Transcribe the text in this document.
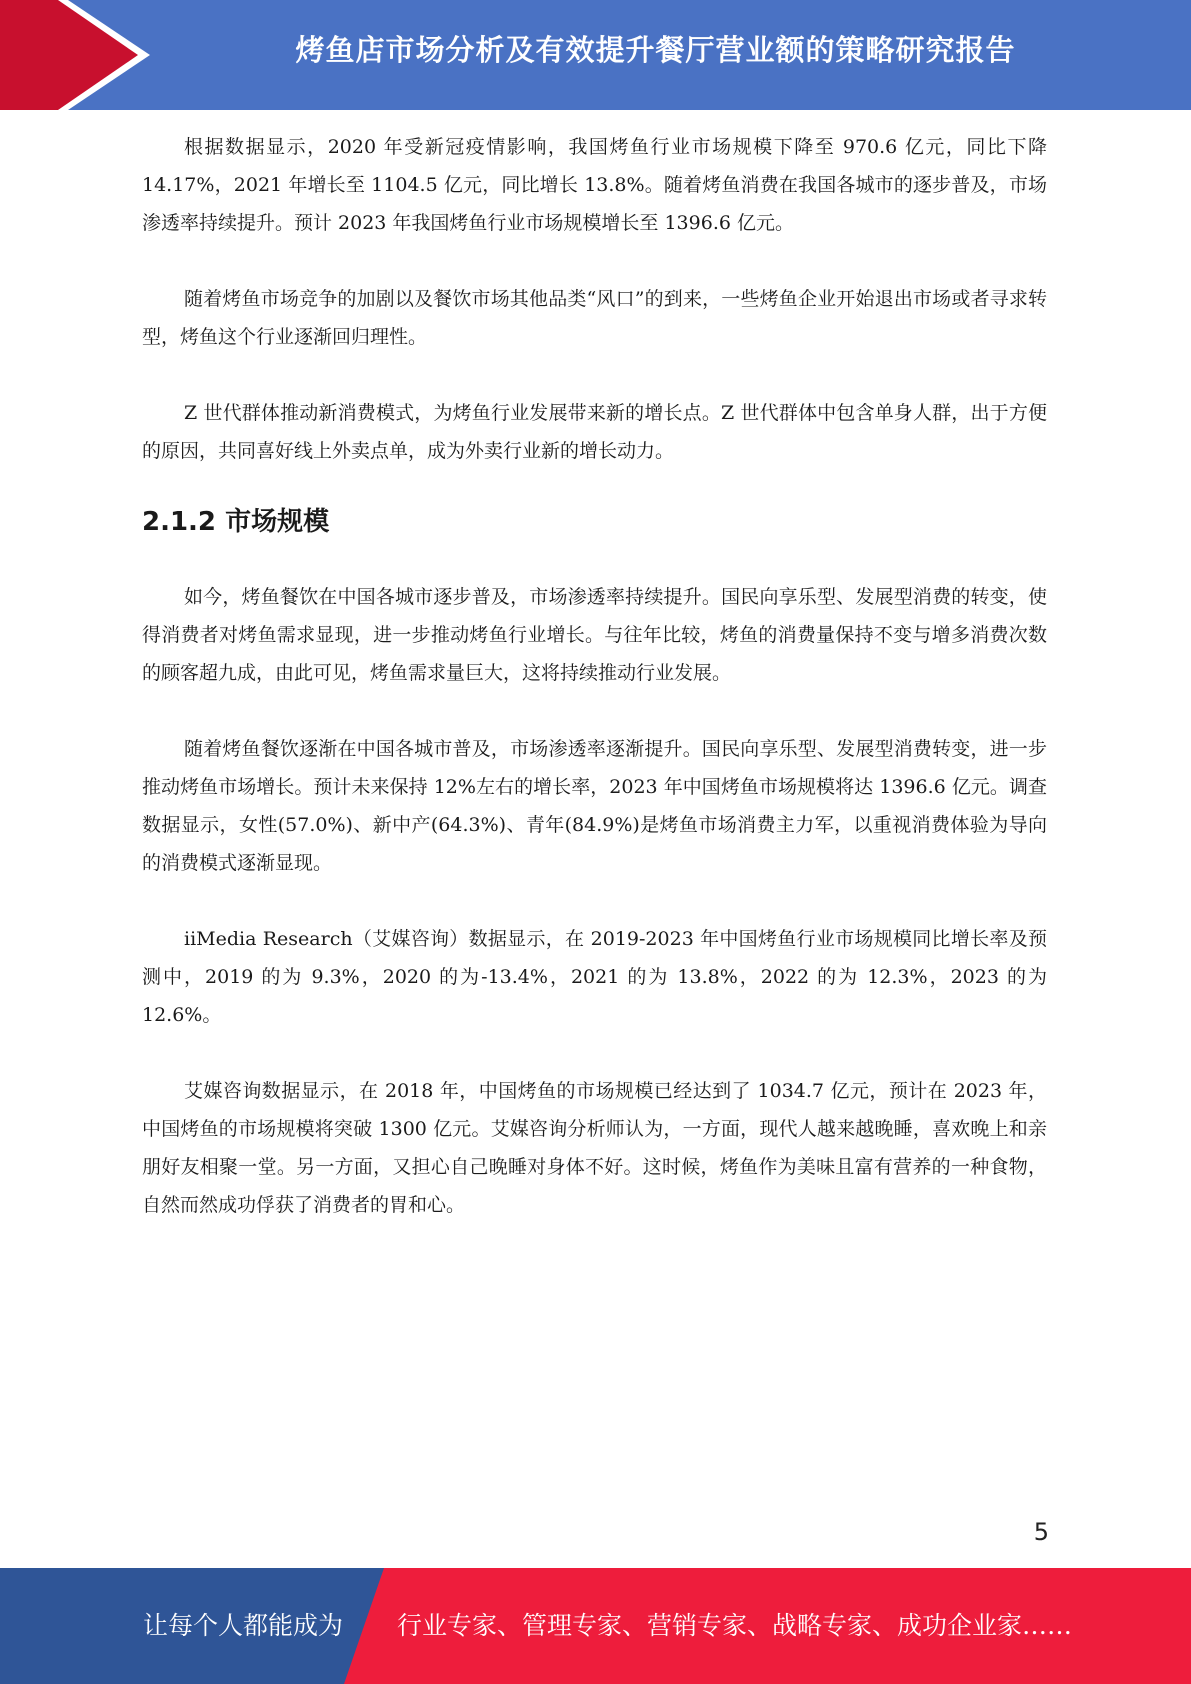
烤鱼店市场分析及有效提升餐厅营业额的策略研究报告

根据数据显示，2020 年受新冠疫情影响，我国烤鱼行业市场规模下降至 970.6 亿元，同比下降 14.17%，2021 年增长至 1104.5 亿元，同比增长 13.8%。随着烤鱼消费在我国各城市的逐步普及，市场渗透率持续提升。预计 2023 年我国烤鱼行业市场规模增长至 1396.6 亿元。

随着烤鱼市场竞争的加剧以及餐饮市场其他品类“风口”的到来，一些烤鱼企业开始退出市场或者寻求转型，烤鱼这个行业逐渐回归理性。

Z 世代群体推动新消费模式，为烤鱼行业发展带来新的增长点。Z 世代群体中包含单身人群，出于方便的原因，共同喜好线上外卖点单，成为外卖行业新的增长动力。

2.1.2 市场规模

如今，烤鱼餐饮在中国各城市逐步普及，市场渗透率持续提升。国民向享乐型、发展型消费的转变，使得消费者对烤鱼需求显现，进一步推动烤鱼行业增长。与往年比较，烤鱼的消费量保持不变与增多消费次数的顾客超九成，由此可见，烤鱼需求量巨大，这将持续推动行业发展。

随着烤鱼餐饮逐渐在中国各城市普及，市场渗透率逐渐提升。国民向享乐型、发展型消费转变，进一步推动烤鱼市场增长。预计未来保持 12%左右的增长率，2023 年中国烤鱼市场规模将达 1396.6 亿元。调查数据显示，女性(57.0%)、新中产(64.3%)、青年(84.9%)是烤鱼市场消费主力军，以重视消费体验为导向的消费模式逐渐显现。

iiMedia Research（艾媒咨询）数据显示，在 2019-2023 年中国烤鱼行业市场规模同比增长率及预测中，2019 的为 9.3%，2020 的为-13.4%，2021 的为 13.8%，2022 的为 12.3%，2023 的为 12.6%。

艾媒咨询数据显示，在 2018 年，中国烤鱼的市场规模已经达到了 1034.7 亿元，预计在 2023 年，中国烤鱼的市场规模将突破 1300 亿元。艾媒咨询分析师认为，一方面，现代人越来越晚睡，喜欢晚上和亲朋好友相聚一堂。另一方面，又担心自己晚睡对身体不好。这时候，烤鱼作为美味且富有营养的一种食物，自然而然成功俘获了消费者的胃和心。

5
让每个人都能成为 行业专家、管理专家、营销专家、战略专家、成功企业家……
